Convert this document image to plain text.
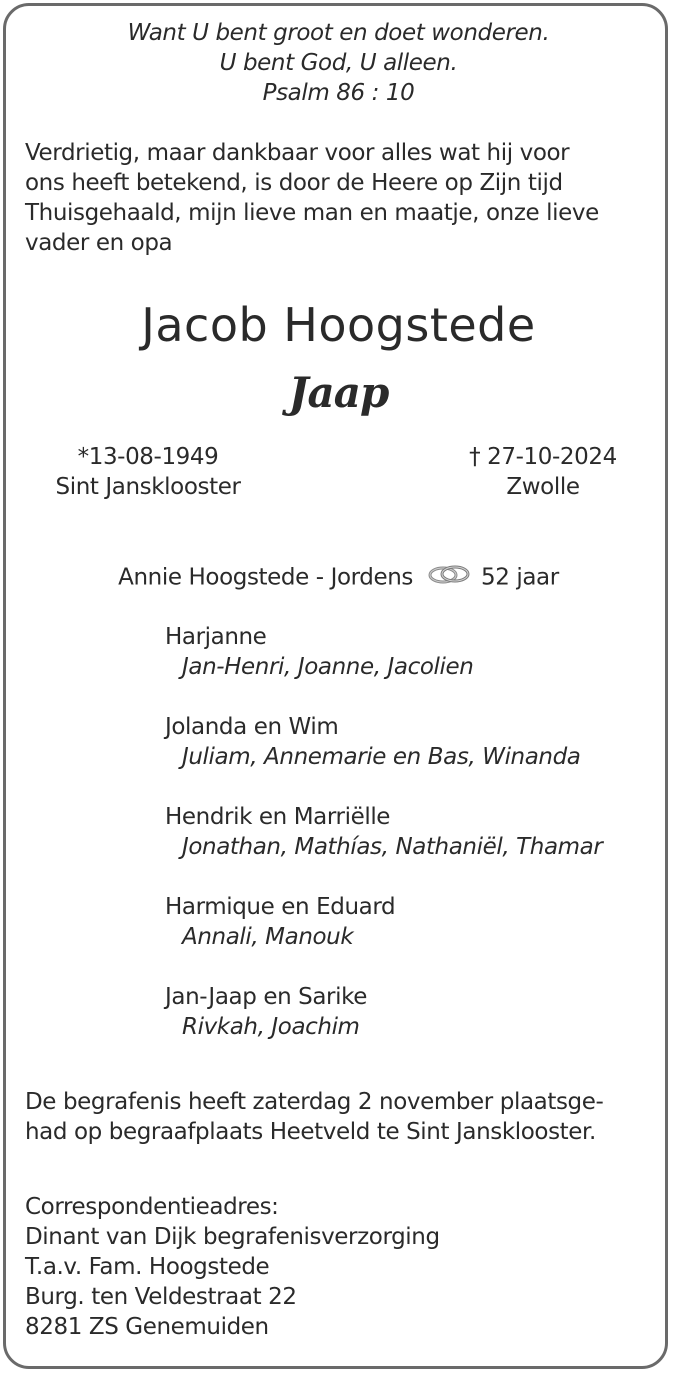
Want U bent groot en doet wonderen.
U bent God, U alleen.
Psalm 86 : 10
Verdrietig, maar dankbaar voor alles wat hij voor
ons heeft betekend, is door de Heere op Zijn tijd
Thuisgehaald, mijn lieve man en maatje, onze lieve
vader en opa
Jacob Hoogstede
Jaap
*13-08-1949
Sint Jansklooster
† 27-10-2024
Zwolle
Annie Hoogstede - Jordens	52 jaar
Harjanne
Jan-Henri, Joanne, Jacolien
Jolanda en Wim
Juliam, Annemarie en Bas, Winanda
Hendrik en Marriëlle
Jonathan, Mathías, Nathaniël, Thamar
Harmique en Eduard
Annali, Manouk
Jan-Jaap en Sarike
Rivkah, Joachim
De begrafenis heeft zaterdag 2 november plaatsge-
had op begraafplaats Heetveld te Sint Jansklooster.
Correspondentieadres:
Dinant van Dijk begrafenisverzorging
T.a.v. Fam. Hoogstede
Burg. ten Veldestraat 22
8281 ZS Genemuiden
